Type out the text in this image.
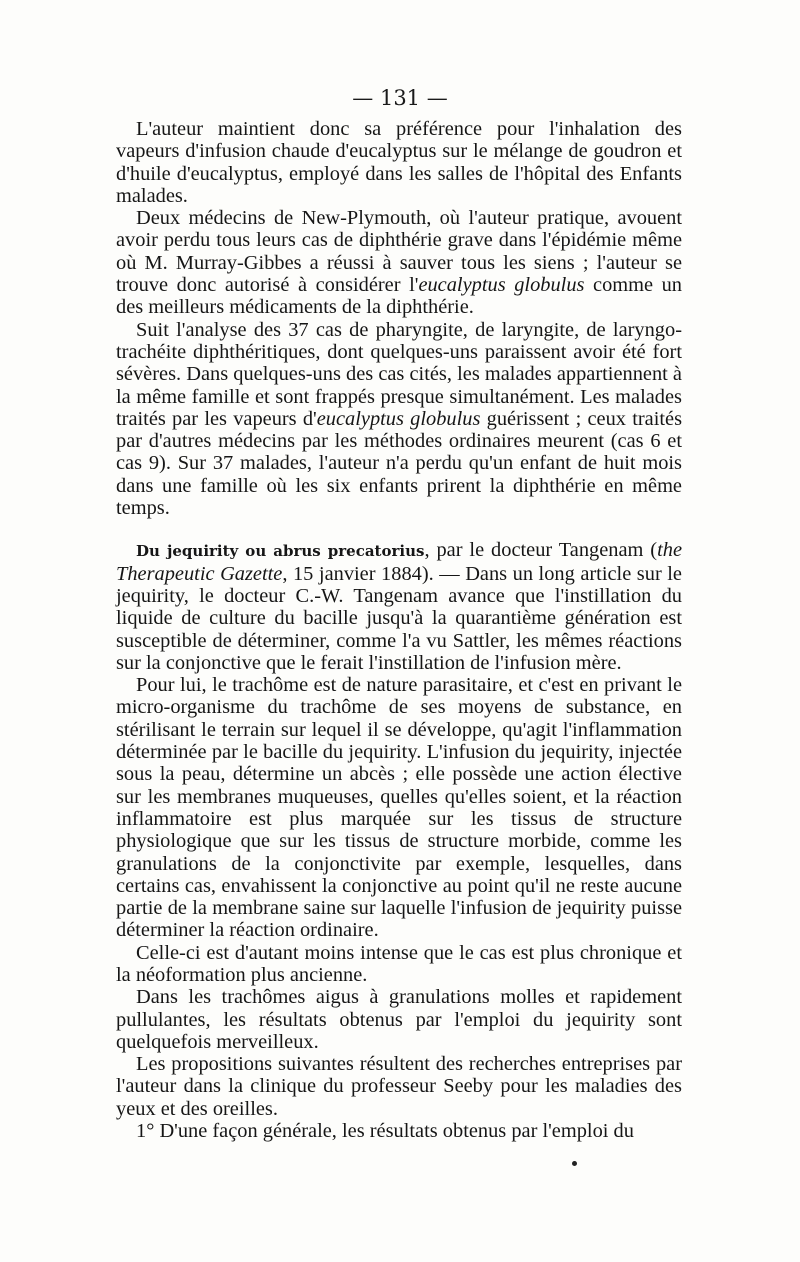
— 131 —

L'auteur maintient donc sa préférence pour l'inhalation des vapeurs d'infusion chaude d'eucalyptus sur le mélange de goudron et d'huile d'eucalyptus, employé dans les salles de l'hôpital des Enfants malades.

Deux médecins de New-Plymouth, où l'auteur pratique, avouent avoir perdu tous leurs cas de diphthérie grave dans l'épidémie même où M. Murray-Gibbes a réussi à sauver tous les siens ; l'auteur se trouve donc autorisé à considérer l'eucalyptus globulus comme un des meilleurs médicaments de la diphthérie.

Suit l'analyse des 37 cas de pharyngite, de laryngite, de laryngo-trachéite diphthéritiques, dont quelques-uns paraissent avoir été fort sévères. Dans quelques-uns des cas cités, les malades appartiennent à la même famille et sont frappés presque simultanément. Les malades traités par les vapeurs d'eucalyptus globulus guérissent ; ceux traités par d'autres médecins par les méthodes ordinaires meurent (cas 6 et cas 9). Sur 37 malades, l'auteur n'a perdu qu'un enfant de huit mois dans une famille où les six enfants prirent la diphthérie en même temps.

Du jequirity ou abrus precatorius, par le docteur Tangenam (the Therapeutic Gazette, 15 janvier 1884). — Dans un long article sur le jequirity, le docteur C.-W. Tangenam avance que l'instillation du liquide de culture du bacille jusqu'à la quarantième génération est susceptible de déterminer, comme l'a vu Sattler, les mêmes réactions sur la conjonctive que le ferait l'instillation de l'infusion mère.

Pour lui, le trachôme est de nature parasitaire, et c'est en privant le micro-organisme du trachôme de ses moyens de substance, en stérilisant le terrain sur lequel il se développe, qu'agit l'inflammation déterminée par le bacille du jequirity. L'infusion du jequirity, injectée sous la peau, détermine un abcès ; elle possède une action élective sur les membranes muqueuses, quelles qu'elles soient, et la réaction inflammatoire est plus marquée sur les tissus de structure physiologique que sur les tissus de structure morbide, comme les granulations de la conjonctivite par exemple, lesquelles, dans certains cas, envahissent la conjonctive au point qu'il ne reste aucune partie de la membrane saine sur laquelle l'infusion de jequirity puisse déterminer la réaction ordinaire.

Celle-ci est d'autant moins intense que le cas est plus chronique et la néoformation plus ancienne.

Dans les trachômes aigus à granulations molles et rapidement pullulantes, les résultats obtenus par l'emploi du jequirity sont quelquefois merveilleux.

Les propositions suivantes résultent des recherches entreprises par l'auteur dans la clinique du professeur Seeby pour les maladies des yeux et des oreilles.

1° D'une façon générale, les résultats obtenus par l'emploi du
